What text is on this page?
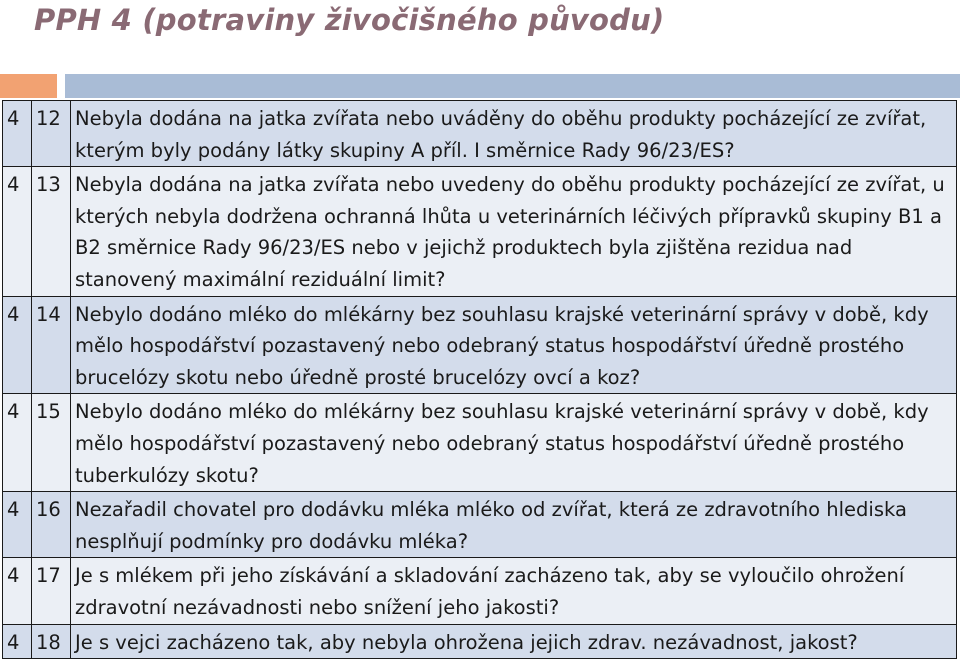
PPH 4 (potraviny živočišného původu)
4	12	Nebyla dodána na jatka zvířata nebo uváděny do oběhu produkty pocházející ze zvířat, kterým byly podány látky skupiny A příl. I směrnice Rady 96/23/ES?
4	13	Nebyla dodána na jatka zvířata nebo uvedeny do oběhu produkty pocházející ze zvířat, u kterých nebyla dodržena ochranná lhůta u veterinárních léčivých přípravků skupiny B1 a B2 směrnice Rady 96/23/ES nebo v jejichž produktech byla zjištěna rezidua nad stanovený maximální reziduální limit?
4	14	Nebylo dodáno mléko do mlékárny bez souhlasu krajské veterinární správy v době, kdy mělo hospodářství pozastavený nebo odebraný status hospodářství úředně prostého brucelózy skotu nebo úředně prosté brucelózy ovcí a koz?
4	15	Nebylo dodáno mléko do mlékárny bez souhlasu krajské veterinární správy v době, kdy mělo hospodářství pozastavený nebo odebraný status hospodářství úředně prostého tuberkulózy skotu?
4	16	Nezařadil chovatel pro dodávku mléka mléko od zvířat, která ze zdravotního hlediska nesplňují podmínky pro dodávku mléka?
4	17	Je s mlékem při jeho získávání a skladování zacházeno tak, aby se vyloučilo ohrožení zdravotní nezávadnosti nebo snížení jeho jakosti?
4	18	Je s vejci zacházeno tak, aby nebyla ohrožena jejich zdrav. nezávadnost, jakost?
